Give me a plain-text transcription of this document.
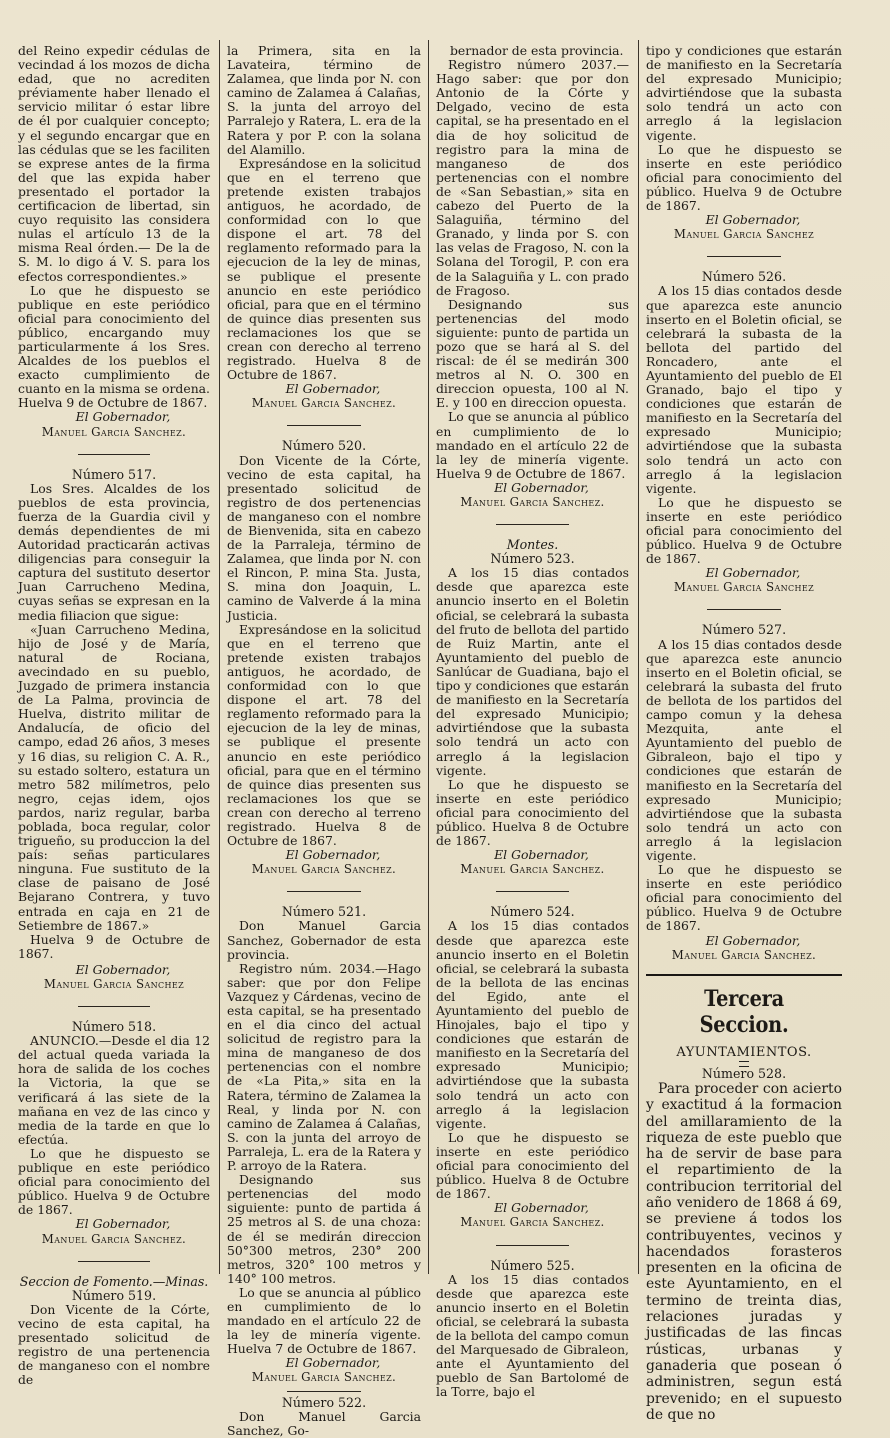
del Reino expedir cédulas de vecindad á los mozos de dicha edad, que no acrediten préviamente haber llenado el servicio militar ó estar libre de él por cualquier concepto; y el segundo encargar que en las cédulas que se les faciliten se exprese antes de la firma del que las expida haber presentado el portador la certificacion de libertad, sin cuyo requisito las considera nulas el artículo 13 de la misma Real órden.— De la de S. M. lo digo á V. S. para los efectos correspondientes.»

Lo que he dispuesto se publique en este periódico oficial para conocimiento del público, encargando muy particularmente á los Sres. Alcaldes de los pueblos el exacto cumplimiento de cuanto en la misma se ordena. Huelva 9 de Octubre de 1867.

El Gobernador,
Manuel Garcia Sanchez.
Número 517.

Los Sres. Alcaldes de los pueblos de esta provincia, fuerza de la Guardia civil y demás dependientes de mi Autoridad practicarán activas diligencias para conseguir la captura del sustituto desertor Juan Carrucheno Medina, cuyas señas se expresan en la media filiacion que sigue:

«Juan Carrucheno Medina, hijo de José y de María, natural de Rociana, avecindado en su pueblo, Juzgado de primera instancia de La Palma, provincia de Huelva, distrito militar de Andalucía, de oficio del campo, edad 26 años, 3 meses y 16 dias, su religion C. A. R., su estado soltero, estatura un metro 582 milímetros, pelo negro, cejas idem, ojos pardos, nariz regular, barba poblada, boca regular, color trigueño, su produccion la del país: señas particulares ninguna. Fue sustituto de la clase de paisano de José Bejarano Contrera, y tuvo entrada en caja en 21 de Setiembre de 1867.»

Huelva 9 de Octubre de 1867.

El Gobernador,
Manuel Garcia Sanchez
Número 518.

ANUNCIO.—Desde el dia 12 del actual queda variada la hora de salida de los coches la Victoria, la que se verificará á las siete de la mañana en vez de las cinco y media de la tarde en que lo efectúa.

Lo que he dispuesto se publique en este periódico oficial para conocimiento del público. Huelva 9 de Octubre de 1867.

El Gobernador,
Manuel Garcia Sanchez.
Seccion de Fomento.—Minas.
Número 519.

Don Vicente de la Córte, vecino de esta capital, ha presentado solicitud de registro de una pertenencia de manganeso con el nombre de

la Primera, sita en la Lavateira, término de Zalamea, que linda por N. con camino de Zalamea á Calañas, S. la junta del arroyo del Parralejo y Ratera, L. era de la Ratera y por P. con la solana del Alamillo.

Expresándose en la solicitud que en el terreno que pretende existen trabajos antiguos, he acordado, de conformidad con lo que dispone el art. 78 del reglamento reformado para la ejecucion de la ley de minas, se publique el presente anuncio en este periódico oficial, para que en el término de quince dias presenten sus reclamaciones los que se crean con derecho al terreno registrado. Huelva 8 de Octubre de 1867.

El Gobernador,
Manuel Garcia Sanchez.
Número 520.

Don Vicente de la Córte, vecino de esta capital, ha presentado solicitud de registro de dos pertenencias de manganeso con el nombre de Bienvenida, sita en cabezo de la Parraleja, término de Zalamea, que linda por N. con el Rincon, P. mina Sta. Justa, S. mina don Joaquin, L. camino de Valverde á la mina Justicia.

Expresándose en la solicitud que en el terreno que pretende existen trabajos antiguos, he acordado, de conformidad con lo que dispone el art. 78 del reglamento reformado para la ejecucion de la ley de minas, se publique el presente anuncio en este periódico oficial, para que en el término de quince dias presenten sus reclamaciones los que se crean con derecho al terreno registrado. Huelva 8 de Octubre de 1867.

El Gobernador,
Manuel Garcia Sanchez.
Número 521.

Don Manuel Garcia Sanchez, Gobernador de esta provincia.

Registro núm. 2034.—Hago saber: que por don Felipe Vazquez y Cárdenas, vecino de esta capital, se ha presentado en el dia cinco del actual solicitud de registro para la mina de manganeso de dos pertenencias con el nombre de «La Pita,» sita en la Ratera, término de Zalamea la Real, y linda por N. con camino de Zalamea á Calañas, S. con la junta del arroyo de Parraleja, L. era de la Ratera y P. arroyo de la Ratera.

Designando sus pertenencias del modo siguiente: punto de partida á 25 metros al S. de una choza: de él se medirán direccion 50°300 metros, 230° 200 metros, 320° 100 metros y 140° 100 metros.

Lo que se anuncia al público en cumplimiento de lo mandado en el artículo 22 de la ley de minería vigente. Huelva 7 de Octubre de 1867.

El Gobernador,
Manuel Garcia Sanchez.
Número 522.

Don Manuel Garcia Sanchez, Go-

bernador de esta provincia.

Registro número 2037.—Hago saber: que por don Antonio de la Córte y Delgado, vecino de esta capital, se ha presentado en el dia de hoy solicitud de registro para la mina de manganeso de dos pertenencias con el nombre de «San Sebastian,» sita en cabezo del Puerto de la Salaguiña, término del Granado, y linda por S. con las velas de Fragoso, N. con la Solana del Torogil, P. con era de la Salaguiña y L. con prado de Fragoso.

Designando sus pertenencias del modo siguiente: punto de partida un pozo que se hará al S. del riscal: de él se medirán 300 metros al N. O. 300 en direccion opuesta, 100 al N. E. y 100 en direccion opuesta.

Lo que se anuncia al público en cumplimiento de lo mandado en el artículo 22 de la ley de minería vigente. Huelva 9 de Octubre de 1867.

El Gobernador,
Manuel Garcia Sanchez.
Montes.
Número 523.

A los 15 dias contados desde que aparezca este anuncio inserto en el Boletin oficial, se celebrará la subasta del fruto de bellota del partido de Ruiz Martin, ante el Ayuntamiento del pueblo de Sanlúcar de Guadiana, bajo el tipo y condiciones que estarán de manifiesto en la Secretaría del expresado Municipio; advirtiéndose que la subasta solo tendrá un acto con arreglo á la legislacion vigente.

Lo que he dispuesto se inserte en este periódico oficial para conocimiento del público. Huelva 8 de Octubre de 1867.

El Gobernador,
Manuel Garcia Sanchez.
Número 524.

A los 15 dias contados desde que aparezca este anuncio inserto en el Boletin oficial, se celebrará la subasta de la bellota de las encinas del Egido, ante el Ayuntamiento del pueblo de Hinojales, bajo el tipo y condiciones que estarán de manifiesto en la Secretaría del expresado Municipio; advirtiéndose que la subasta solo tendrá un acto con arreglo á la legislacion vigente.

Lo que he dispuesto se inserte en este periódico oficial para conocimiento del público. Huelva 8 de Octubre de 1867.

El Gobernador,
Manuel Garcia Sanchez.
Número 525.

A los 15 dias contados desde que aparezca este anuncio inserto en el Boletin oficial, se celebrará la subasta de la bellota del campo comun del Marquesado de Gibraleon, ante el Ayuntamiento del pueblo de San Bartolomé de la Torre, bajo el

tipo y condiciones que estarán de manifiesto en la Secretaría del expresado Municipio; advirtiéndose que la subasta solo tendrá un acto con arreglo á la legislacion vigente.

Lo que he dispuesto se inserte en este periódico oficial para conocimiento del público. Huelva 9 de Octubre de 1867.

El Gobernador,
Manuel Garcia Sanchez
Número 526.

A los 15 dias contados desde que aparezca este anuncio inserto en el Boletin oficial, se celebrará la subasta de la bellota del partido del Roncadero, ante el Ayuntamiento del pueblo de El Granado, bajo el tipo y condiciones que estarán de manifiesto en la Secretaría del expresado Municipio; advirtiéndose que la subasta solo tendrá un acto con arreglo á la legislacion vigente.

Lo que he dispuesto se inserte en este periódico oficial para conocimiento del público. Huelva 9 de Octubre de 1867.

El Gobernador,
Manuel Garcia Sanchez
Número 527.

A los 15 dias contados desde que aparezca este anuncio inserto en el Boletin oficial, se celebrará la subasta del fruto de bellota de los partidos del campo comun y la dehesa Mezquita, ante el Ayuntamiento del pueblo de Gibraleon, bajo el tipo y condiciones que estarán de manifiesto en la Secretaría del expresado Municipio; advirtiéndose que la subasta solo tendrá un acto con arreglo á la legislacion vigente.

Lo que he dispuesto se inserte en este periódico oficial para conocimiento del público. Huelva 9 de Octubre de 1867.

El Gobernador,
Manuel Garcia Sanchez.
Tercera Seccion.
AYUNTAMIENTOS.
Número 528.

Para proceder con acierto y exactitud á la formacion del amillaramiento de la riqueza de este pueblo que ha de servir de base para el repartimiento de la contribucion territorial del año venidero de 1868 á 69, se previene á todos los contribuyentes, vecinos y hacendados forasteros presenten en la oficina de este Ayuntamiento, en el termino de treinta dias, relaciones juradas y justificadas de las fincas rústicas, urbanas y ganaderia que posean ó administren, segun está prevenido; en el supuesto de que no
